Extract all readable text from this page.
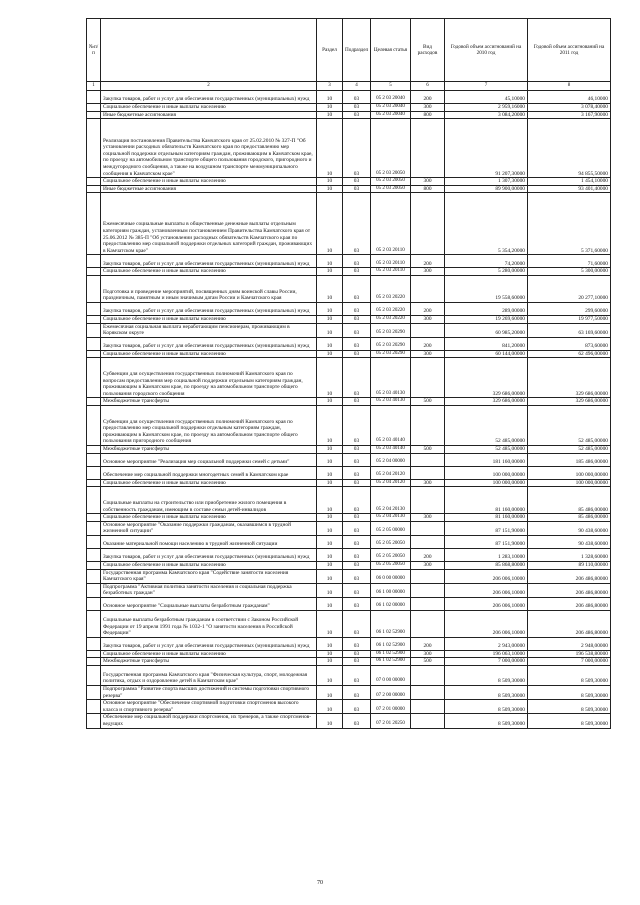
№п/п		Раздел	Подраздел	Целевая статья	Вид расходов	Годовой объем ассигнований на 2010 год	Годовой объем ассигнований на 2011 год
1	2	3	4	5	6	7	8
	Закупка товаров, работ и услуг для обеспечения государственных (муниципальных) нужд	10	03	05 2 03 20040	200	45,10000	46,10000
	Социальное обеспечение и иные выплаты населению	10	03	05 2 03 20040	300	2 959,16000	3 078,40000
	Иные бюджетные ассигнования	10	03	05 2 03 20040	800	3 084,20000	3 167,90000
	Реализация постановления Правительства Камчатского края от 25.02.2010 № 327-П "Об установлении расходных обязательств Камчатского края по предоставлению мер социальной поддержки отдельным категориям граждан, проживающим в Камчатском крае, по проезду на автомобильном транспорте общего пользования городского, пригородного и междугородного сообщения, а также на воздушном транспорте межмуниципального сообщения в Камчатском крае"	10	03	05 2 03 20050		91 207,30000	94 855,50000
	Социальное обеспечение и иные выплаты населению	10	03	05 2 03 20050	300	1 307,30000	1 454,10000
	Иные бюджетные ассигнования	10	03	05 2 03 20050	800	89 900,00000	93 401,40000
	Ежемесячные социальные выплаты в общественные денежные выплаты отдельным категориям граждан, установленным постановлением Правительства Камчатского края от 25.06.2012 № 385-П "Об установлении расходных обязательств Камчатского края по предоставлению мер социальной поддержки отдельных категорий граждан, проживающих в Камчатском крае"	10	03	05 2 03 20110		5 354,20000	5 371,60000
	Закупка товаров, работ и услуг для обеспечения государственных (муниципальных) нужд	10	03	05 2 03 20110	200	74,20000	71,60000
	Социальное обеспечение и иные выплаты населению	10	03	05 2 03 20110	300	5 280,00000	5 300,00000
	Подготовка и проведение мероприятий, посвященных дням воинской славы России, праздничным, памятным и иным значимым датам России и Камчатского края	10	03	05 2 03 20220		19 558,60000	20 277,10000
	Закупка товаров, работ и услуг для обеспечения государственных (муниципальных) нужд	10	03	05 2 03 20220	200	289,00000	299,60000
	Социальное обеспечение и иные выплаты населению	10	03	05 2 03 20220	300	19 269,60000	19 977,50000
	Ежемесячная социальная выплата неработающим пенсионерам, проживающим в Корякском округе	10	03	05 2 03 20290		60 985,20000	63 169,60000
	Закупка товаров, работ и услуг для обеспечения государственных (муниципальных) нужд	10	03	05 2 03 20290	200	841,20000	873,60000
	Социальное обеспечение и иные выплаты населению	10	03	05 2 03 20290	300	60 144,00000	62 496,00000
	Субвенции для осуществления государственных полномочий Камчатского края по вопросам предоставления мер социальной поддержки отдельным категориям граждан, проживающим в Камчатском крае, по проезду на автомобильном транспорте общего пользования городского сообщения	10	03	05 2 03 40130		329 686,00000	329 686,00000
	Межбюджетные трансферты	10	03	05 2 03 40130	500	329 686,00000	329 686,00000
	Субвенции для осуществления государственных полномочий Камчатского края по предоставлению мер социальной поддержки отдельным категориям граждан, проживающим в Камчатском крае, по проезду на автомобильном транспорте общего пользования пригородного сообщения	10	03	05 2 03 40140		52 485,00000	52 485,00000
	Межбюджетные трансферты	10	03	05 2 03 40140	500	52 485,00000	52 485,00000
	Основное мероприятие "Реализация мер социальной поддержки семей с детьми"	10	03	05 2 04 00000		181 160,00000	185 486,00000
	Обеспечение мер социальной поддержки многодетных семей в Камчатском крае	10	03	05 2 04 20120		100 000,00000	100 000,00000
	Социальное обеспечение и иные выплаты населению	10	03	05 2 04 20120	300	100 000,00000	100 000,00000
	Социальные выплаты на строительство или приобретение жилого помещения в собственность гражданам, имеющим в составе семьи детей-инвалидов	10	03	05 2 04 20130		81 160,00000	85 486,00000
	Социальное обеспечение и иные выплаты населению	10	03	05 2 04 20130	300	81 160,00000	85 486,00000
	Основное мероприятие "Оказание поддержки гражданам, оказавшимся в трудной жизненной ситуации"	10	03	05 2 05 00000		87 151,90000	90 438,60000
	Оказание материальной помощи населению в трудной жизненной ситуации	10	03	05 2 05 20050		87 151,90000	90 438,60000
	Закупка товаров, работ и услуг для обеспечения государственных (муниципальных) нужд	10	03	05 2 05 20050	200	1 283,10000	1 328,60000
	Социальное обеспечение и иные выплаты населению	10	03	05 2 05 20050	300	85 868,80000	89 110,00000
	Государственная программа Камчатского края "Содействие занятости населения Камчатского края"	10	03	06 0 00 00000		206 006,10000	206 486,80000
	Подпрограмма "Активная политика занятости населения и социальная поддержка безработных граждан"	10	03	06 1 00 00000		206 006,10000	206 486,80000
	Основное мероприятие "Социальные выплаты безработным гражданам"	10	03	06 1 02 00000		206 006,10000	206 486,80000
	Социальные выплаты безработным гражданам в соответствии с Законом Российской Федерации от 19 апреля 1991 года № 1032-1 "О занятости населения в Российской Федерации"	10	03	06 1 02 52900		206 006,10000	206 486,80000
	Закупка товаров, работ и услуг для обеспечения государственных (муниципальных) нужд	10	03	06 1 02 52900	200	2 943,00000	2 948,00000
	Социальное обеспечение и иные выплаты населению	10	03	06 1 02 52900	300	196 063,10000	196 538,80000
	Межбюджетные трансферты	10	03	06 1 02 52900	500	7 000,00000	7 000,00000
	Государственная программа Камчатского края "Физическая культура, спорт, молодежная политика, отдых и оздоровление детей в Камчатском крае"	10	03	07 0 00 00000		8 509,30000	8 509,30000
	Подпрограмма "Развитие спорта высших достижений и системы подготовки спортивного резерва"	10	03	07 2 00 00000		8 509,30000	8 509,30000
	Основное мероприятие "Обеспечение спортивной подготовки спортсменов высокого класса и спортивного резерва"	10	03	07 2 01 00000		8 509,30000	8 509,30000
	Обеспечение мер социальной поддержки спортсменов, их тренеров, а также спортсменов-ведущих	10	03	07 2 01 20250		8 509,30000	8 509,30000
70
